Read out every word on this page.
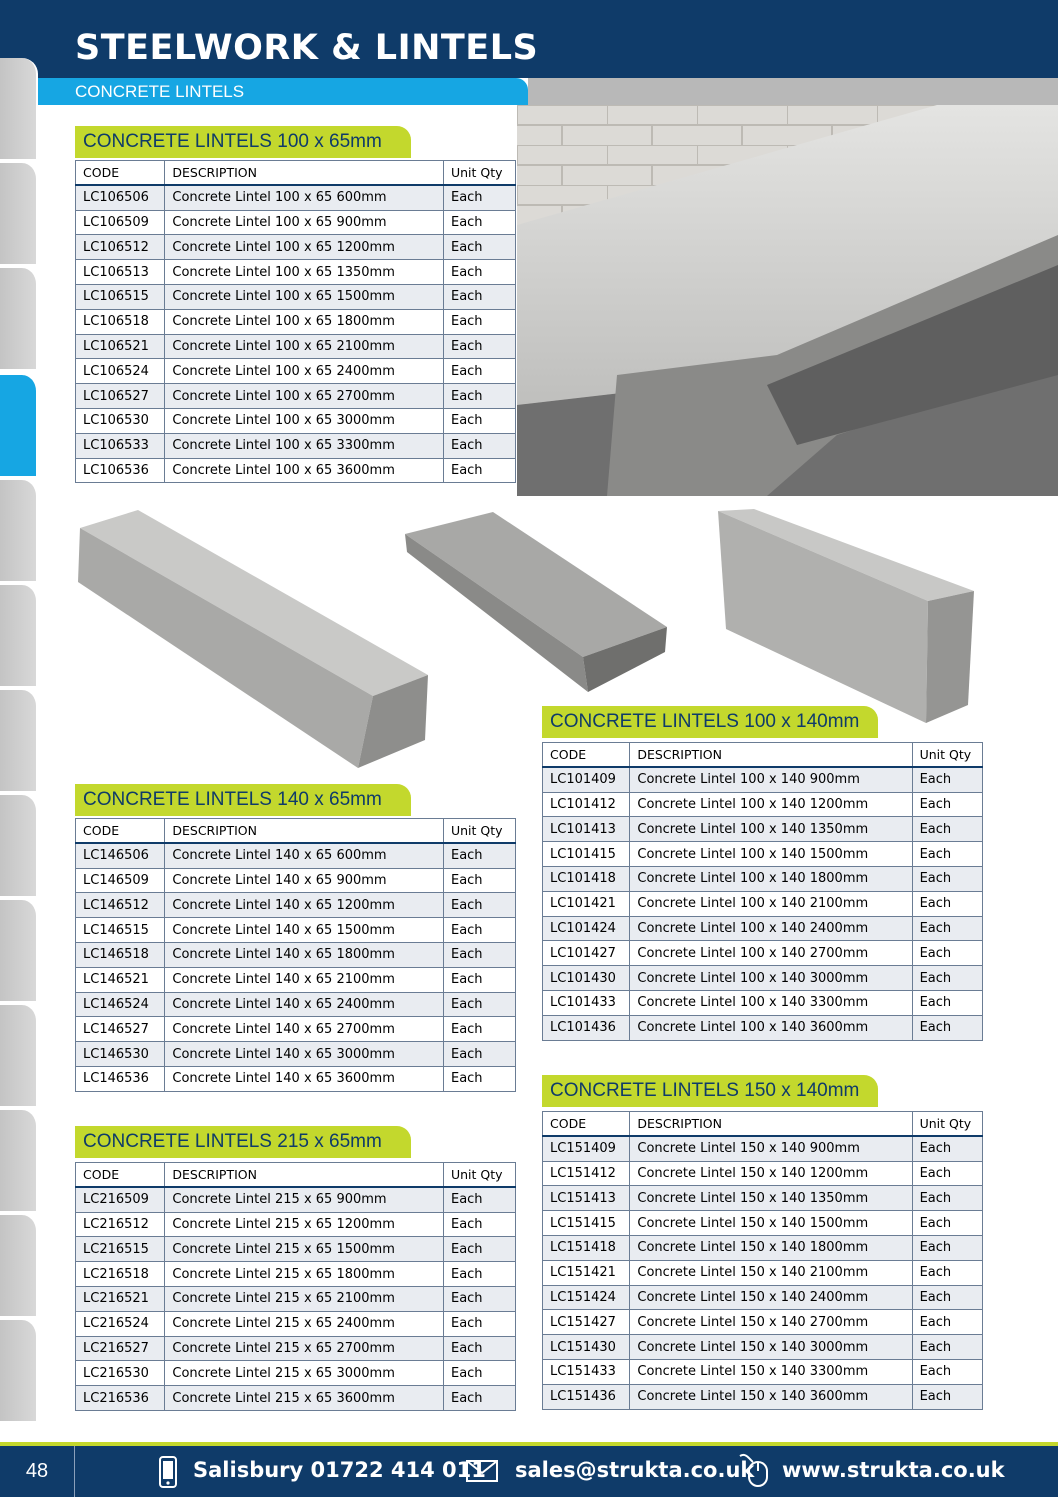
STEELWORK & LINTELS
CONCRETE LINTELS
CONCRETE LINTELS 100 x 65mm
CODE	DESCRIPTION	Unit Qty
LC106506	Concrete Lintel 100 x 65 600mm	Each
LC106509	Concrete Lintel 100 x 65 900mm	Each
LC106512	Concrete Lintel 100 x 65 1200mm	Each
LC106513	Concrete Lintel 100 x 65 1350mm	Each
LC106515	Concrete Lintel 100 x 65 1500mm	Each
LC106518	Concrete Lintel 100 x 65 1800mm	Each
LC106521	Concrete Lintel 100 x 65 2100mm	Each
LC106524	Concrete Lintel 100 x 65 2400mm	Each
LC106527	Concrete Lintel 100 x 65 2700mm	Each
LC106530	Concrete Lintel 100 x 65 3000mm	Each
LC106533	Concrete Lintel 100 x 65 3300mm	Each
LC106536	Concrete Lintel 100 x 65 3600mm	Each
CONCRETE LINTELS 140 x 65mm
CODE	DESCRIPTION	Unit Qty
LC146506	Concrete Lintel 140 x 65 600mm	Each
LC146509	Concrete Lintel 140 x 65 900mm	Each
LC146512	Concrete Lintel 140 x 65 1200mm	Each
LC146515	Concrete Lintel 140 x 65 1500mm	Each
LC146518	Concrete Lintel 140 x 65 1800mm	Each
LC146521	Concrete Lintel 140 x 65 2100mm	Each
LC146524	Concrete Lintel 140 x 65 2400mm	Each
LC146527	Concrete Lintel 140 x 65 2700mm	Each
LC146530	Concrete Lintel 140 x 65 3000mm	Each
LC146536	Concrete Lintel 140 x 65 3600mm	Each
CONCRETE LINTELS 215 x 65mm
CODE	DESCRIPTION	Unit Qty
LC216509	Concrete Lintel 215 x 65 900mm	Each
LC216512	Concrete Lintel 215 x 65 1200mm	Each
LC216515	Concrete Lintel 215 x 65 1500mm	Each
LC216518	Concrete Lintel 215 x 65 1800mm	Each
LC216521	Concrete Lintel 215 x 65 2100mm	Each
LC216524	Concrete Lintel 215 x 65 2400mm	Each
LC216527	Concrete Lintel 215 x 65 2700mm	Each
LC216530	Concrete Lintel 215 x 65 3000mm	Each
LC216536	Concrete Lintel 215 x 65 3600mm	Each
CONCRETE LINTELS 100 x 140mm
CODE	DESCRIPTION	Unit Qty
LC101409	Concrete Lintel 100 x 140 900mm	Each
LC101412	Concrete Lintel 100 x 140 1200mm	Each
LC101413	Concrete Lintel 100 x 140 1350mm	Each
LC101415	Concrete Lintel 100 x 140 1500mm	Each
LC101418	Concrete Lintel 100 x 140 1800mm	Each
LC101421	Concrete Lintel 100 x 140 2100mm	Each
LC101424	Concrete Lintel 100 x 140 2400mm	Each
LC101427	Concrete Lintel 100 x 140 2700mm	Each
LC101430	Concrete Lintel 100 x 140 3000mm	Each
LC101433	Concrete Lintel 100 x 140 3300mm	Each
LC101436	Concrete Lintel 100 x 140 3600mm	Each
CONCRETE LINTELS 150 x 140mm
CODE	DESCRIPTION	Unit Qty
LC151409	Concrete Lintel 150 x 140 900mm	Each
LC151412	Concrete Lintel 150 x 140 1200mm	Each
LC151413	Concrete Lintel 150 x 140 1350mm	Each
LC151415	Concrete Lintel 150 x 140 1500mm	Each
LC151418	Concrete Lintel 150 x 140 1800mm	Each
LC151421	Concrete Lintel 150 x 140 2100mm	Each
LC151424	Concrete Lintel 150 x 140 2400mm	Each
LC151427	Concrete Lintel 150 x 140 2700mm	Each
LC151430	Concrete Lintel 150 x 140 3000mm	Each
LC151433	Concrete Lintel 150 x 140 3300mm	Each
LC151436	Concrete Lintel 150 x 140 3600mm	Each
48	Salisbury 01722 414 011 sales@strukta.co.uk www.strukta.co.uk
